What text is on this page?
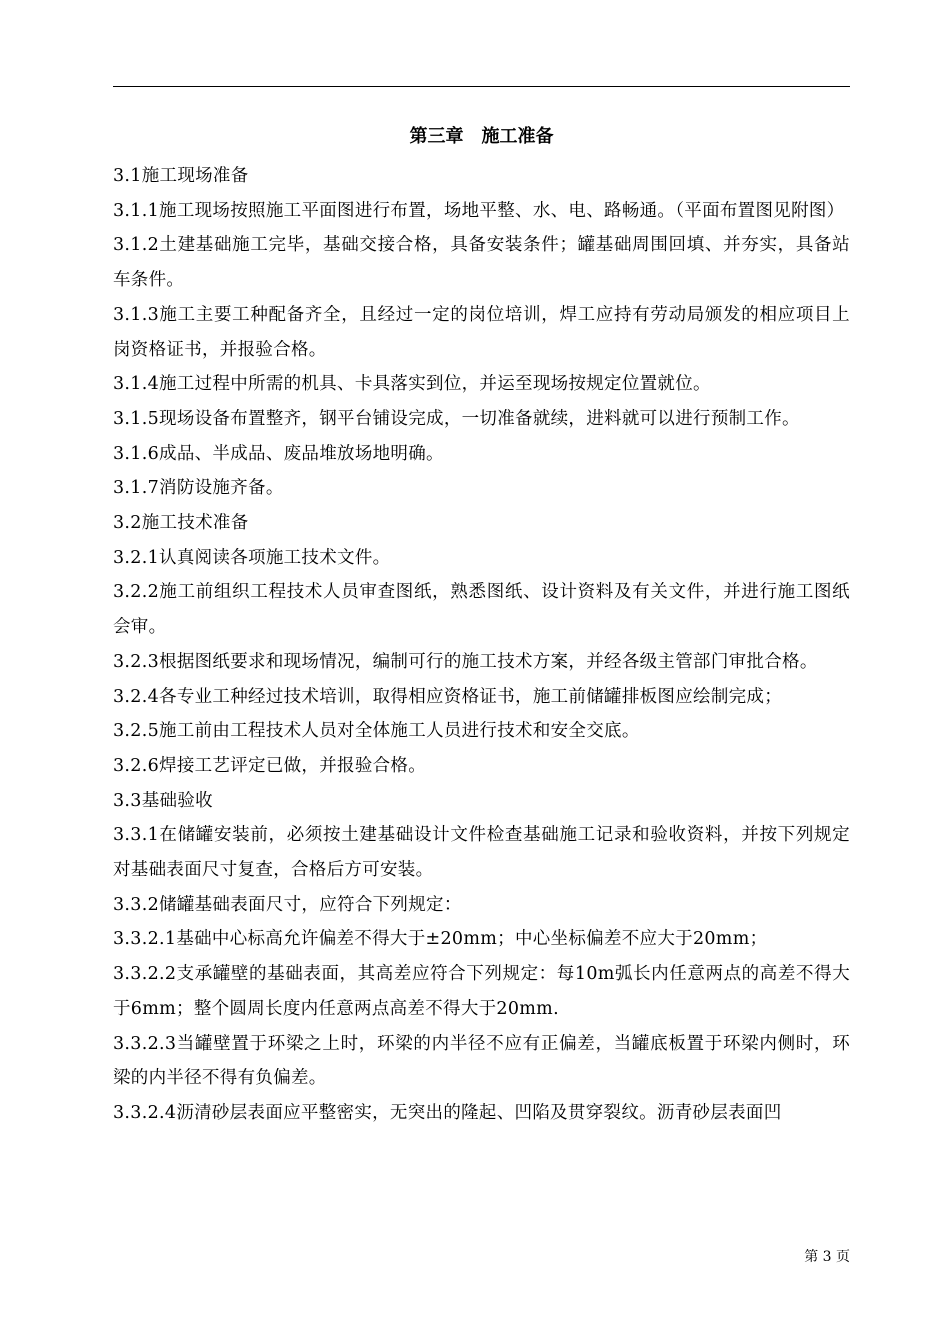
第三章　施工准备

3.1施工现场准备

3.1.1施工现场按照施工平面图进行布置，场地平整、水、电、路畅通。（平面布置图见附图）

3.1.2土建基础施工完毕，基础交接合格，具备安装条件；罐基础周围回填、并夯实，具备站车条件。

3.1.3施工主要工种配备齐全，且经过一定的岗位培训，焊工应持有劳动局颁发的相应项目上岗资格证书，并报验合格。

3.1.4施工过程中所需的机具、卡具落实到位，并运至现场按规定位置就位。

3.1.5现场设备布置整齐，钢平台铺设完成，一切准备就续，进料就可以进行预制工作。

3.1.6成品、半成品、废品堆放场地明确。

3.1.7消防设施齐备。

3.2施工技术准备

3.2.1认真阅读各项施工技术文件。

3.2.2施工前组织工程技术人员审查图纸，熟悉图纸、设计资料及有关文件，并进行施工图纸会审。

3.2.3根据图纸要求和现场情况，编制可行的施工技术方案，并经各级主管部门审批合格。

3.2.4各专业工种经过技术培训，取得相应资格证书，施工前储罐排板图应绘制完成；

3.2.5施工前由工程技术人员对全体施工人员进行技术和安全交底。

3.2.6焊接工艺评定已做，并报验合格。

3.3基础验收

3.3.1在储罐安装前，必须按土建基础设计文件检查基础施工记录和验收资料，并按下列规定对基础表面尺寸复查，合格后方可安装。

3.3.2储罐基础表面尺寸，应符合下列规定：

3.3.2.1基础中心标高允许偏差不得大于±20mm；中心坐标偏差不应大于20mm；

3.3.2.2支承罐壁的基础表面，其高差应符合下列规定：每10m弧长内任意两点的高差不得大于6mm；整个圆周长度内任意两点高差不得大于20mm.

3.3.2.3当罐壁置于环梁之上时，环梁的内半径不应有正偏差，当罐底板置于环梁内侧时，环梁的内半径不得有负偏差。

3.3.2.4沥清砂层表面应平整密实，无突出的隆起、凹陷及贯穿裂纹。沥青砂层表面凹

第 3 页
